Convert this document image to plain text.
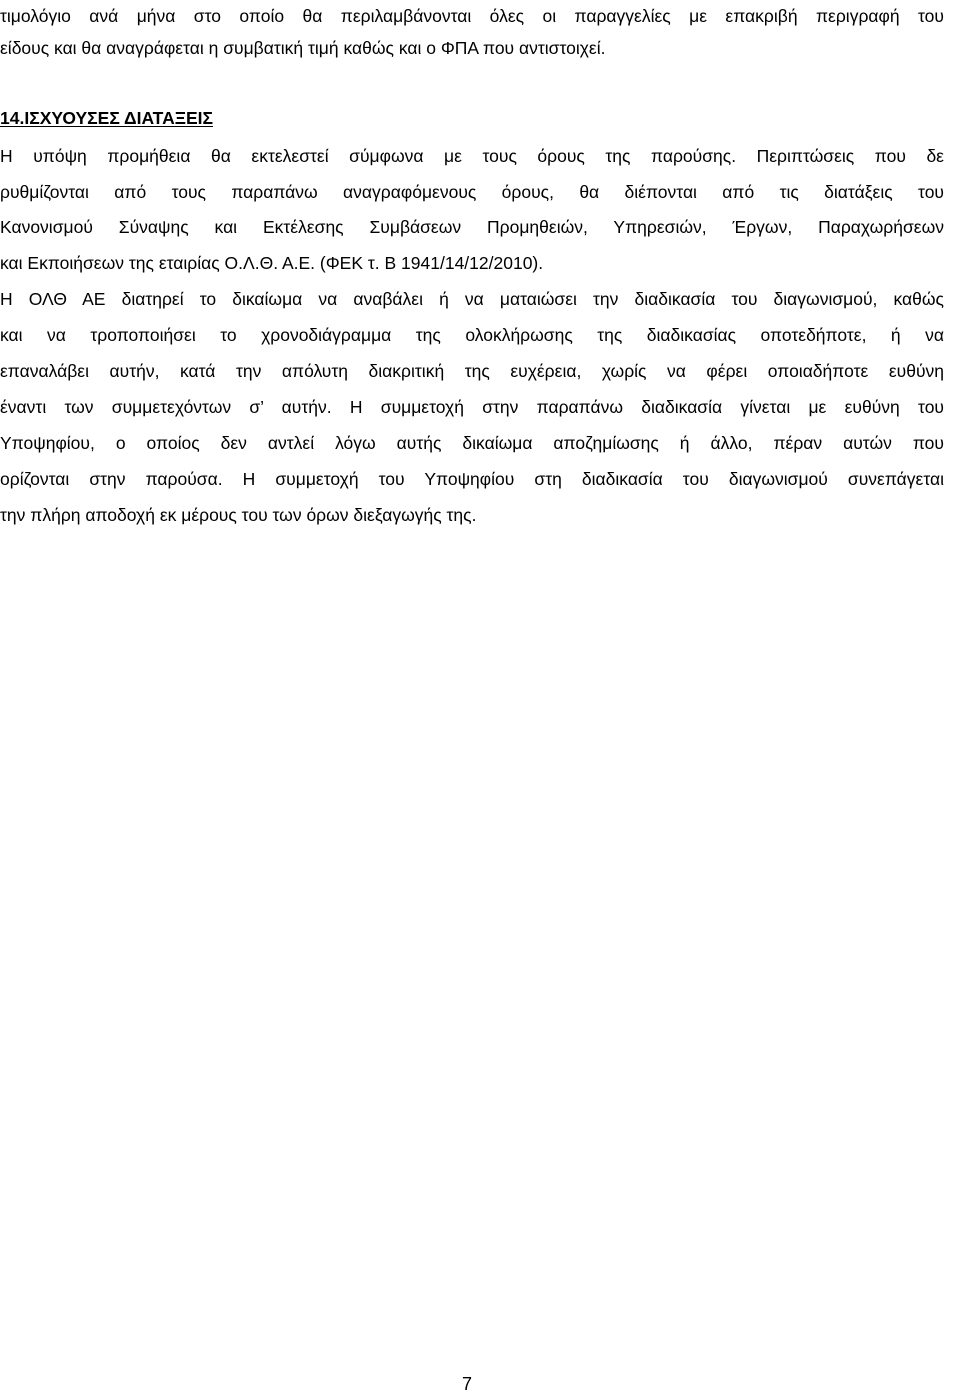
τιμολόγιο ανά μήνα στο οποίο θα περιλαμβάνονται όλες οι παραγγελίες με επακριβή περιγραφή του
είδους και θα αναγράφεται η συμβατική τιμή καθώς και ο ΦΠΑ που αντιστοιχεί.
14.ΙΣΧΥΟΥΣΕΣ ΔΙΑΤΑΞΕΙΣ
Η υπόψη προμήθεια θα εκτελεστεί σύμφωνα με τους όρους της παρούσης. Περιπτώσεις που δε
ρυθμίζονται από τους παραπάνω αναγραφόμενους όρους, θα διέπονται από τις διατάξεις του
Κανονισμού Σύναψης και Εκτέλεσης Συμβάσεων Προμηθειών, Υπηρεσιών, Έργων, Παραχωρήσεων
και Εκποιήσεων της εταιρίας Ο.Λ.Θ. Α.Ε. (ΦΕΚ τ. Β 1941/14/12/2010).
Η ΟΛΘ ΑΕ διατηρεί το δικαίωμα να αναβάλει ή να ματαιώσει την διαδικασία του διαγωνισμού, καθώς
και να τροποποιήσει το χρονοδιάγραμμα της ολοκλήρωσης της διαδικασίας οποτεδήποτε, ή να
επαναλάβει αυτήν, κατά την απόλυτη διακριτική της ευχέρεια, χωρίς να φέρει οποιαδήποτε ευθύνη
έναντι των συμμετεχόντων σ’ αυτήν. Η συμμετοχή στην παραπάνω διαδικασία γίνεται με ευθύνη του
Υποψηφίου, ο οποίος δεν αντλεί λόγω αυτής δικαίωμα αποζημίωσης ή άλλο, πέραν αυτών που
ορίζονται στην παρούσα. Η συμμετοχή του Υποψηφίου στη διαδικασία του διαγωνισμού συνεπάγεται
την πλήρη αποδοχή εκ μέρους του των όρων διεξαγωγής της.
7
